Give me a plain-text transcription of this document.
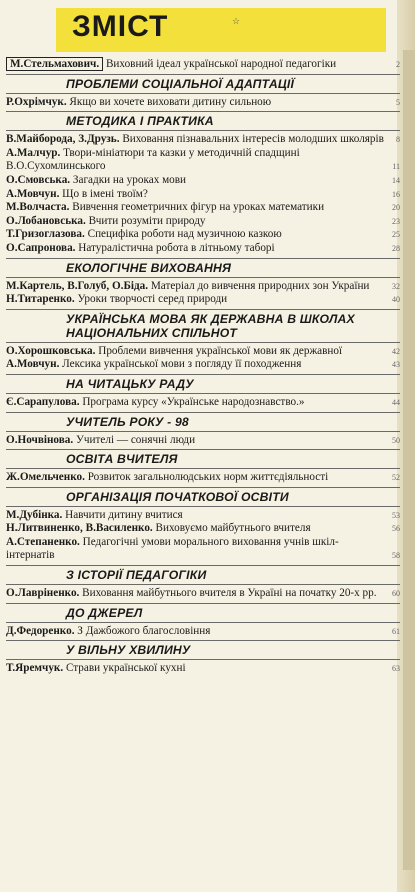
ЗМІСТ	☆
М.Стельмахович. Виховний ідеал української народної педагогіки	2
ПРОБЛЕМИ СОЦІАЛЬНОЇ АДАПТАЦІЇ
Р.Охрімчук. Якщо ви хочете виховати дитину сильною	5
МЕТОДИКА І ПРАКТИКА
В.Майборода, З.Друзь. Виховання пізнавальних інтересів молодших школярів 8
А.Малчур. Твори-мініатюри та казки у методичній спадщині В.О.Сухомлинського	11
О.Смовська. Загадки на уроках мови	14
А.Мовчун. Що в імені твоїм?	16
М.Волчаста. Вивчення геометричних фігур на уроках математики	20
О.Лобановська. Вчити розуміти природу	23
Т.Гризоглазова. Специфіка роботи над музичною казкою	25
О.Сапронова. Натуралістична робота в літньому таборі	28
ЕКОЛОГІЧНЕ ВИХОВАННЯ
М.Картель, В.Голуб, О.Біда. Матеріал до вивчення природних зон України	32
Н.Титаренко. Уроки творчості серед природи	40
УКРАЇНСЬКА МОВА ЯК ДЕРЖАВНА В ШКОЛАХ НАЦІОНАЛЬНИХ СПІЛЬНОТ
О.Хорошковська. Проблеми вивчення української мови як державної	42
А.Мовчун. Лексика української мови з погляду її походження	43
НА ЧИТАЦЬКУ РАДУ
Є.Сарапулова. Програма курсу «Українське народознавство.»	44
УЧИТЕЛЬ РОКУ - 98
О.Ночвінова. Учителі — сонячні люди	50
ОСВІТА ВЧИТЕЛЯ
Ж.Омельченко. Розвиток загальнолюдських норм життєдіяльності	52
ОРГАНІЗАЦІЯ ПОЧАТКОВОЇ ОСВІТИ
М.Дубінка. Навчити дитину вчитися	53
Н.Литвиненко, В.Василенко. Виховуємо майбутнього вчителя	56
А.Степаненко. Педагогічні умови морального виховання учнів шкіл-інтернатів	58
З ІСТОРІЇ ПЕДАГОГІКИ
О.Лавріненко. Виховання майбутнього вчителя в Україні на початку 20-х рр. 60
ДО ДЖЕРЕЛ
Д.Федоренко. З Дажбожого благословіння	61
У ВІЛЬНУ ХВИЛИНУ
Т.Яремчук. Страви української кухні	63
